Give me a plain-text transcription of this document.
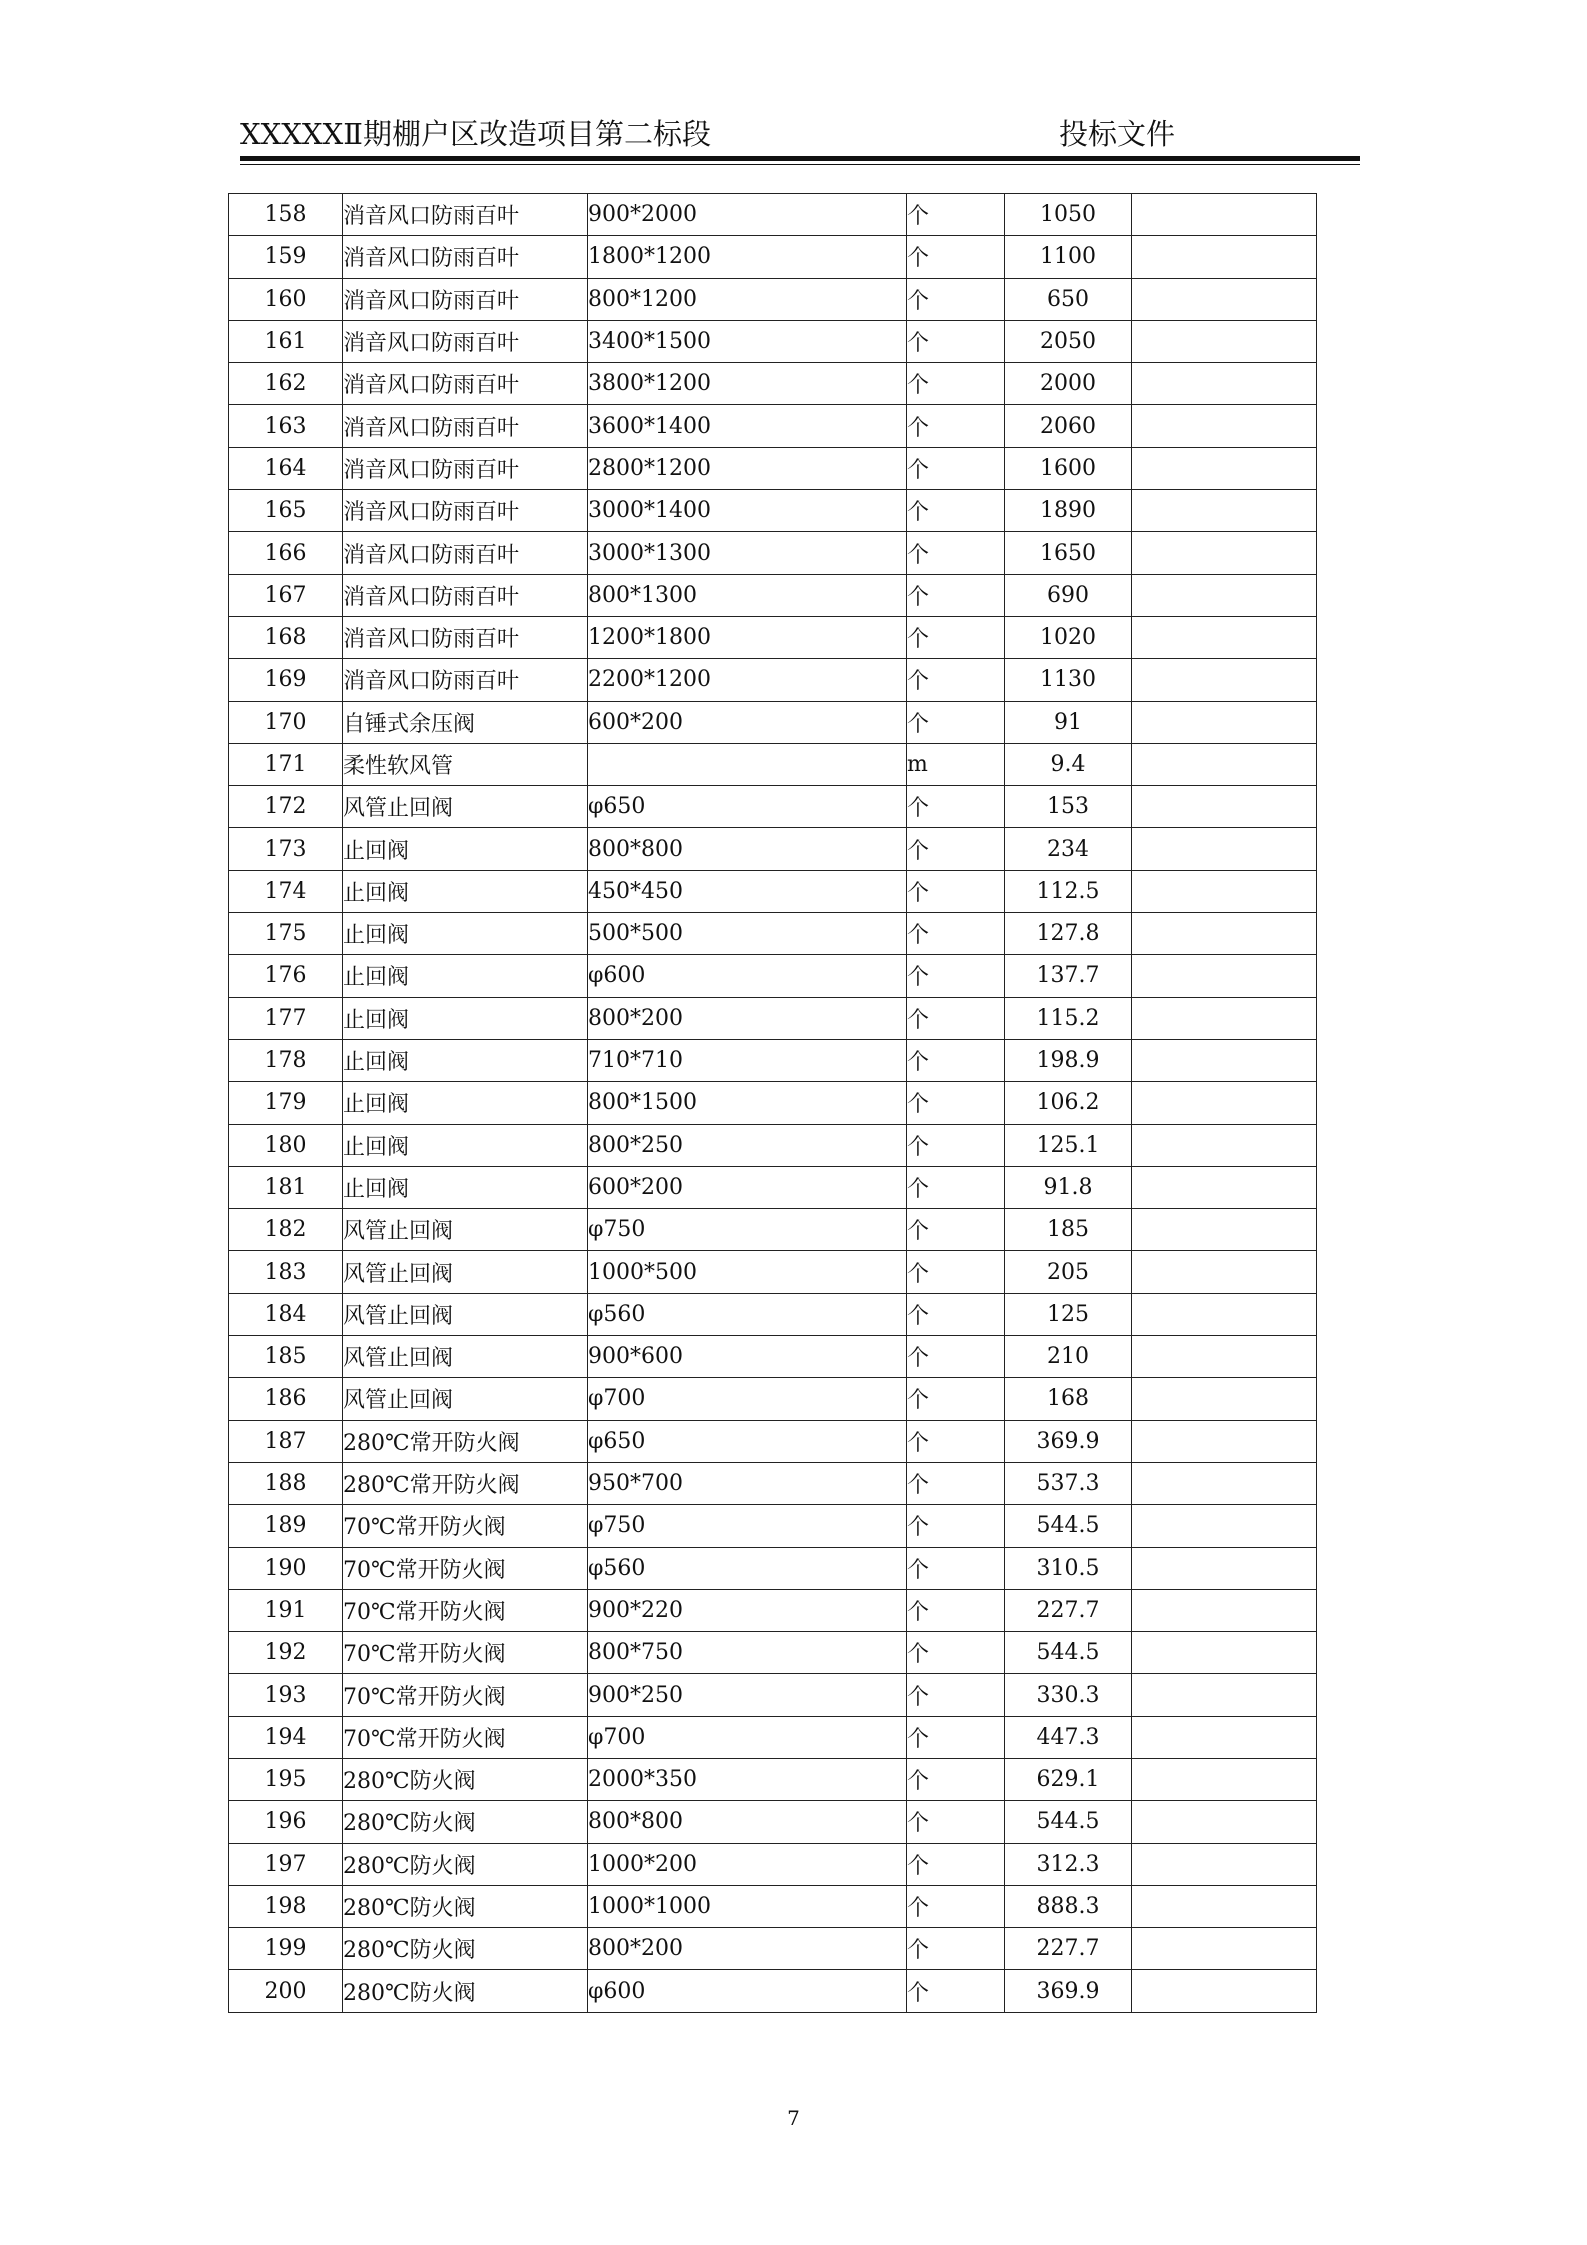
XXXXXⅡ期棚户区改造项目第二标段	投标文件
158	消音风口防雨百叶	900*2000	个	1050	
159	消音风口防雨百叶	1800*1200	个	1100	
160	消音风口防雨百叶	800*1200	个	650	
161	消音风口防雨百叶	3400*1500	个	2050	
162	消音风口防雨百叶	3800*1200	个	2000	
163	消音风口防雨百叶	3600*1400	个	2060	
164	消音风口防雨百叶	2800*1200	个	1600	
165	消音风口防雨百叶	3000*1400	个	1890	
166	消音风口防雨百叶	3000*1300	个	1650	
167	消音风口防雨百叶	800*1300	个	690	
168	消音风口防雨百叶	1200*1800	个	1020	
169	消音风口防雨百叶	2200*1200	个	1130	
170	自锤式余压阀	600*200	个	91	
171	柔性软风管		m	9.4	
172	风管止回阀	φ650	个	153	
173	止回阀	800*800	个	234	
174	止回阀	450*450	个	112.5	
175	止回阀	500*500	个	127.8	
176	止回阀	φ600	个	137.7	
177	止回阀	800*200	个	115.2	
178	止回阀	710*710	个	198.9	
179	止回阀	800*1500	个	106.2	
180	止回阀	800*250	个	125.1	
181	止回阀	600*200	个	91.8	
182	风管止回阀	φ750	个	185	
183	风管止回阀	1000*500	个	205	
184	风管止回阀	φ560	个	125	
185	风管止回阀	900*600	个	210	
186	风管止回阀	φ700	个	168	
187	280℃常开防火阀	φ650	个	369.9	
188	280℃常开防火阀	950*700	个	537.3	
189	70℃常开防火阀	φ750	个	544.5	
190	70℃常开防火阀	φ560	个	310.5	
191	70℃常开防火阀	900*220	个	227.7	
192	70℃常开防火阀	800*750	个	544.5	
193	70℃常开防火阀	900*250	个	330.3	
194	70℃常开防火阀	φ700	个	447.3	
195	280℃防火阀	2000*350	个	629.1	
196	280℃防火阀	800*800	个	544.5	
197	280℃防火阀	1000*200	个	312.3	
198	280℃防火阀	1000*1000	个	888.3	
199	280℃防火阀	800*200	个	227.7	
200	280℃防火阀	φ600	个	369.9	
7
